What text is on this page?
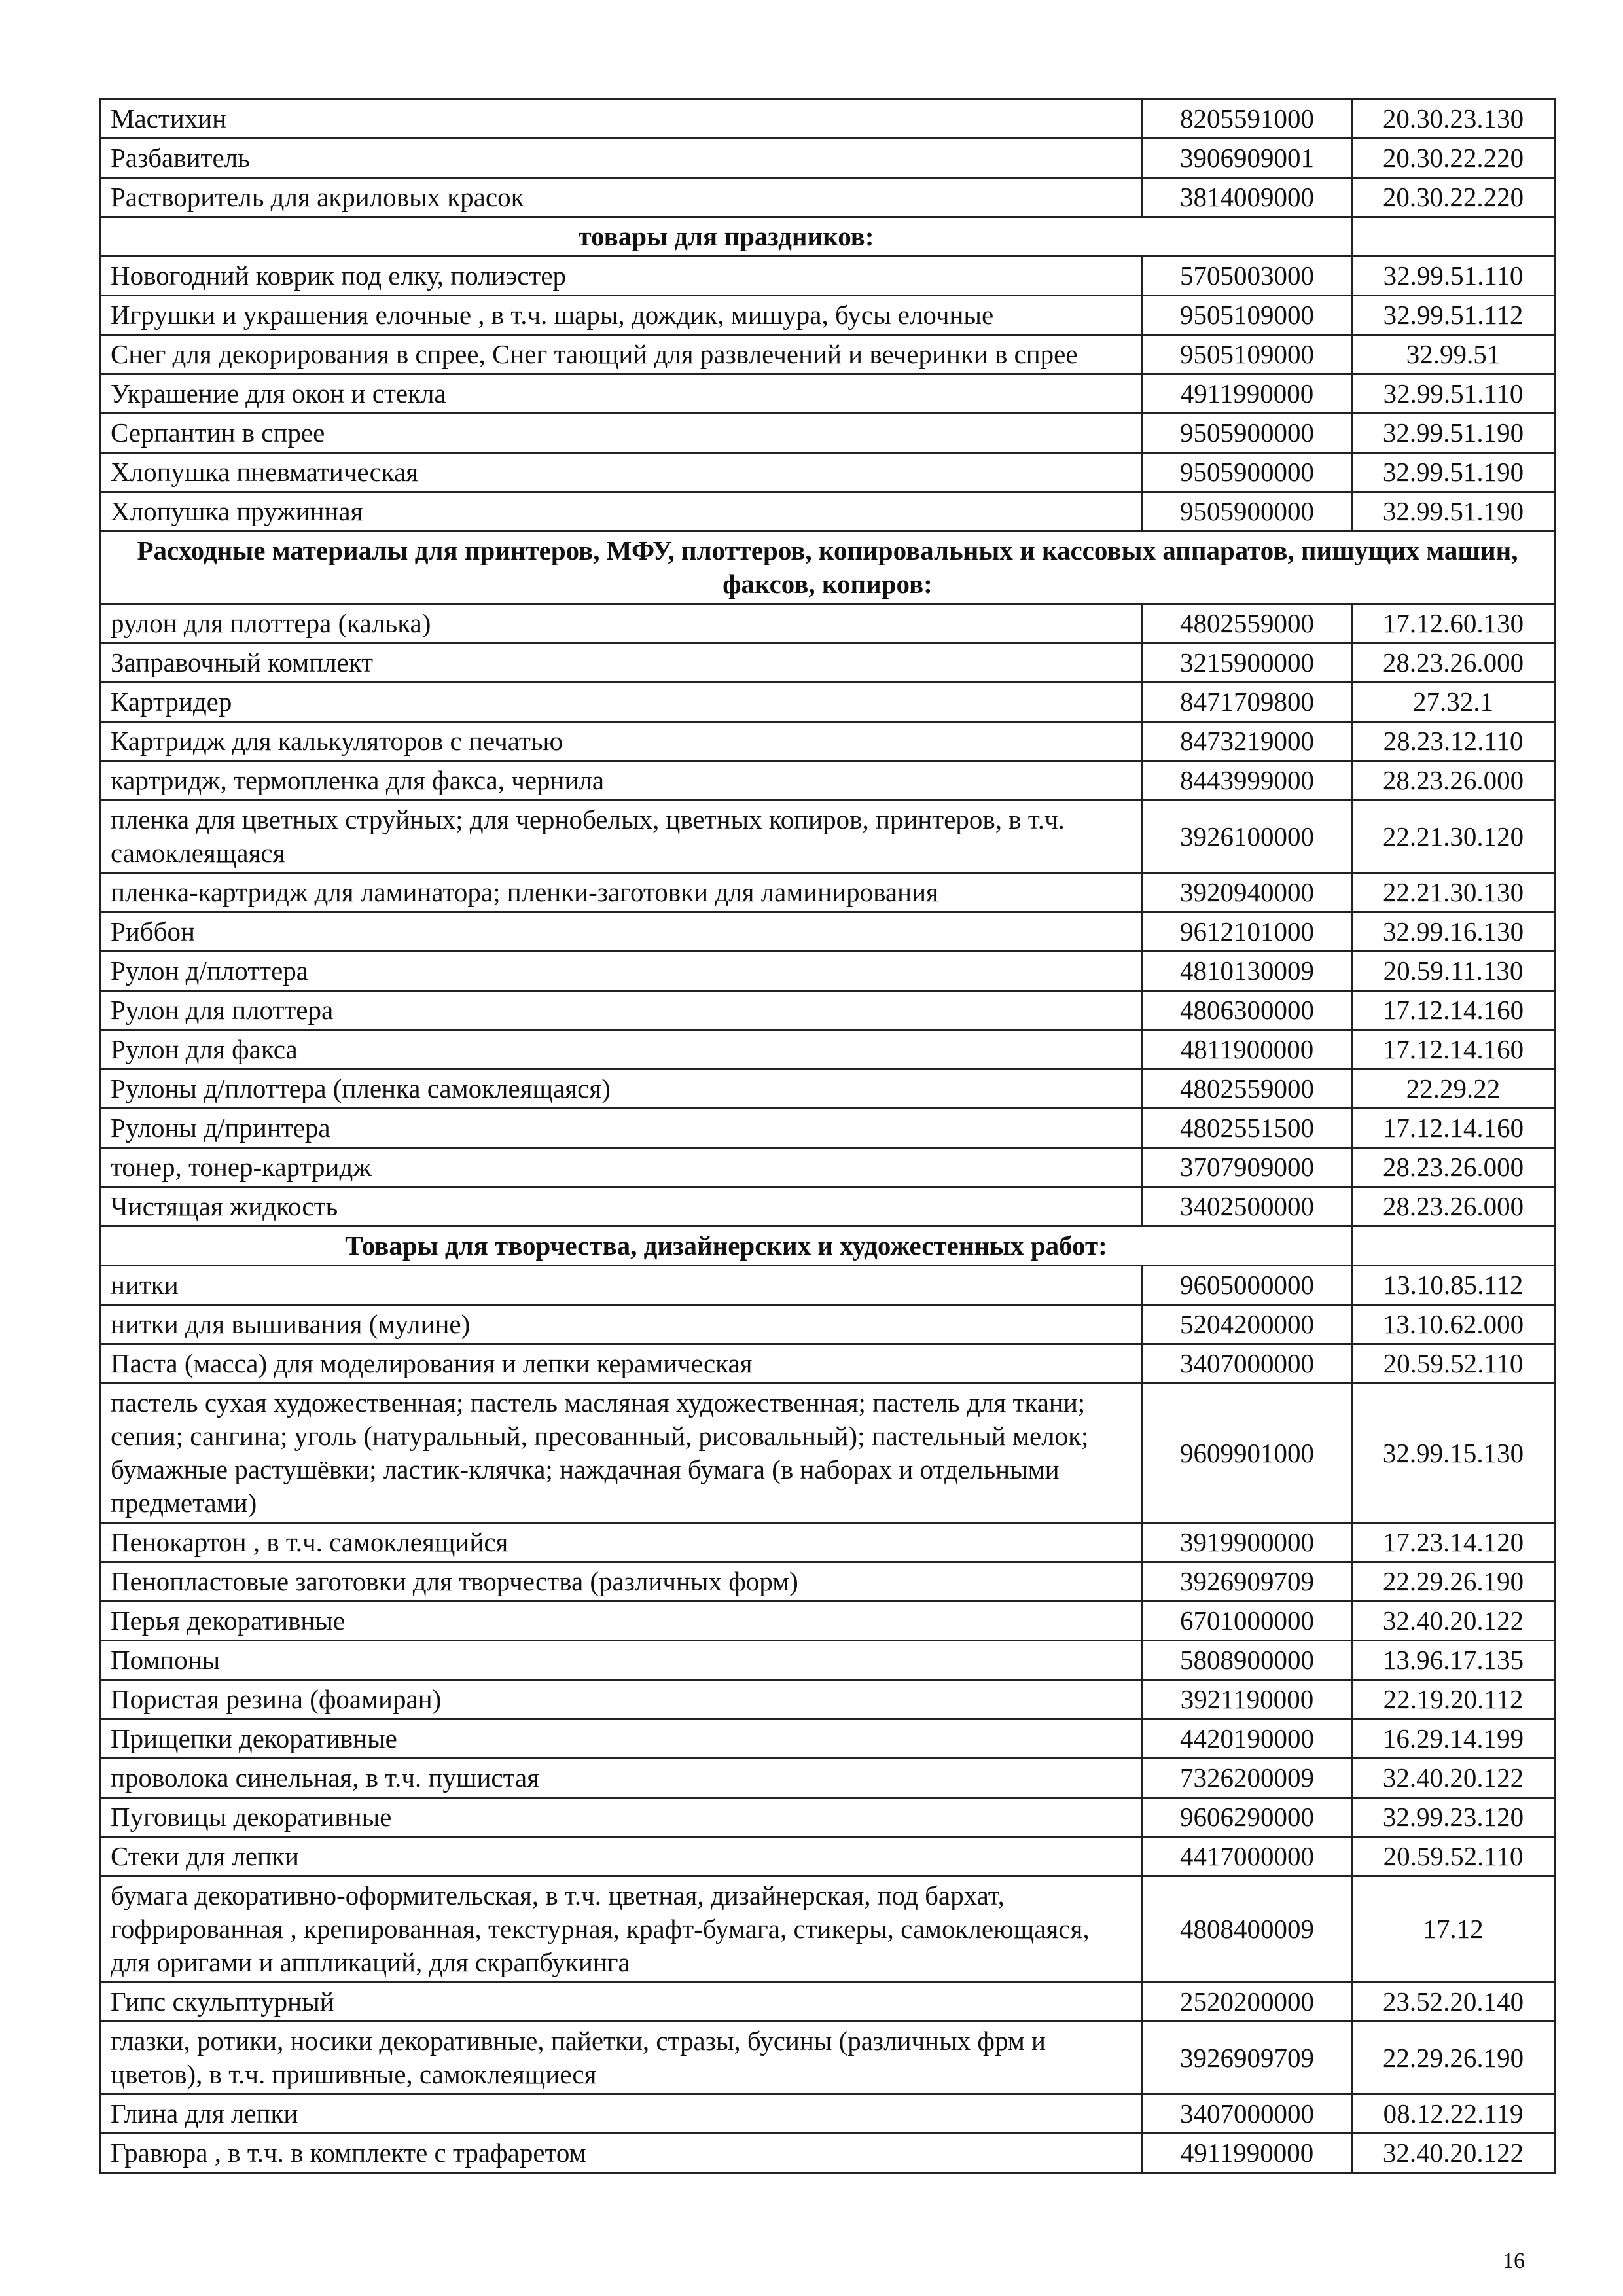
Мастихин	8205591000	20.30.23.130
Разбавитель	3906909001	20.30.22.220
Растворитель для акриловых красок	3814009000	20.30.22.220
товары для праздников:		
Новогодний коврик под елку, полиэстер	5705003000	32.99.51.110
Игрушки и украшения елочные , в т.ч. шары, дождик, мишура, бусы елочные	9505109000	32.99.51.112
Снег для декорирования в спрее, Снег тающий для развлечений и вечеринки в спрее	9505109000	32.99.51
Украшение для окон и стекла	4911990000	32.99.51.110
Серпантин в спрее	9505900000	32.99.51.190
Хлопушка пневматическая	9505900000	32.99.51.190
Хлопушка пружинная	9505900000	32.99.51.190
Расходные материалы для принтеров, МФУ, плоттеров, копировальных и кассовых аппаратов, пишущих машин, факсов, копиров:		
рулон для плоттера (калька)	4802559000	17.12.60.130
Заправочный комплект	3215900000	28.23.26.000
Картридер	8471709800	27.32.1
Картридж для калькуляторов с печатью	8473219000	28.23.12.110
картридж, термопленка для факса, чернила	8443999000	28.23.26.000
пленка для цветных струйных; для чернобелых, цветных копиров, принтеров, в т.ч. самоклеящаяся	3926100000	22.21.30.120
пленка-картридж для ламинатора; пленки-заготовки для ламинирования	3920940000	22.21.30.130
Риббон	9612101000	32.99.16.130
Рулон д/плоттера	4810130009	20.59.11.130
Рулон для плоттера	4806300000	17.12.14.160
Рулон для факса	4811900000	17.12.14.160
Рулоны д/плоттера (пленка самоклеящаяся)	4802559000	22.29.22
Рулоны д/принтера	4802551500	17.12.14.160
тонер, тонер-картридж	3707909000	28.23.26.000
Чистящая жидкость	3402500000	28.23.26.000
Товары для творчества, дизайнерских и художестенных работ:		
нитки	9605000000	13.10.85.112
нитки для вышивания (мулине)	5204200000	13.10.62.000
Паста (масса) для моделирования и лепки керамическая	3407000000	20.59.52.110
пастель сухая художественная; пастель масляная художественная; пастель для ткани; сепия; сангина; уголь (натуральный, пресованный, рисовальный); пастельный мелок; бумажные растушёвки; ластик-клячка; наждачная бумага (в наборах и отдельными предметами)	9609901000	32.99.15.130
Пенокартон , в т.ч. самоклеящийся	3919900000	17.23.14.120
Пенопластовые заготовки для творчества (различных форм)	3926909709	22.29.26.190
Перья декоративные	6701000000	32.40.20.122
Помпоны	5808900000	13.96.17.135
Пористая резина (фоамиран)	3921190000	22.19.20.112
Прищепки декоративные	4420190000	16.29.14.199
проволока синельная, в т.ч. пушистая	7326200009	32.40.20.122
Пуговицы декоративные	9606290000	32.99.23.120
Стеки для лепки	4417000000	20.59.52.110
бумага декоративно-оформительская, в т.ч. цветная, дизайнерская, под бархат, гофрированная , крепированная, текстурная, крафт-бумага, стикеры, самоклеющаяся, для оригами и аппликаций, для скрапбукинга	4808400009	17.12
Гипс скульптурный	2520200000	23.52.20.140
глазки, ротики, носики декоративные, пайетки, стразы, бусины (различных фрм и цветов), в т.ч. пришивные, самоклеящиеся	3926909709	22.29.26.190
Глина для лепки	3407000000	08.12.22.119
Гравюра , в т.ч. в комплекте с трафаретом	4911990000	32.40.20.122
16
